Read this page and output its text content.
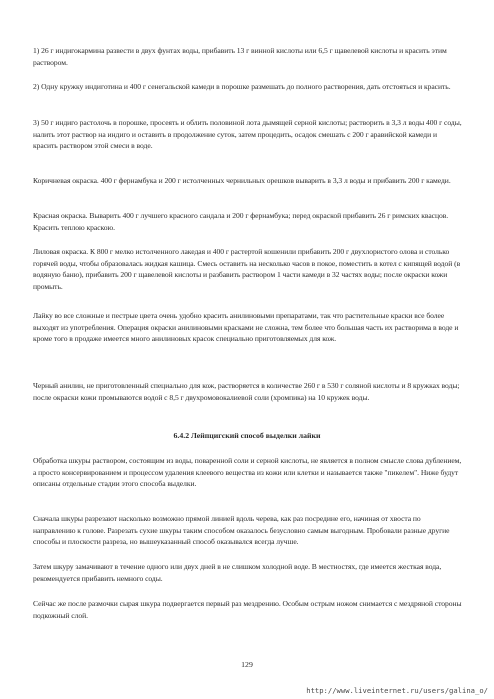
1) 26 г индигокармина развести в двух фунтах воды, прибавить 13 г винной кислоты или 6,5 г щавелевой кислоты и красить этим раствором.

2) Одну кружку индиготина и 400 г сенегальской камеди в порошке размешать до полного растворения, дать отстояться и красить.

3) 50 г индиго растолочь в порошке, просеять и облить половиной лота дымящей серной кислоты; растворить в 3,3 л воды 400 г соды, налить этот раствор на индиго и оставить в продолжение суток, затем процедить, осадок смешать с 200 г аравийской камеди и красить раствором этой смеси в воде.

Коричневая окраска. 400 г фернамбука и 200 г истолченных чернильных орешков выварить в 3,3 л воды и прибавить 200 г камеди.

Красная окраска. Выварить 400 г лучшего красного сандала и 200 г фернамбука; перед окраской прибавить 26 г римских квасцов. Красить теплою краскою.

Лиловая окраска. К 800 г мелко истолченного лакедая и 400 г растертой кошенили прибавить 200 г двухлористого олова и столько горячей воды, чтобы образовалась жидкая кашица. Смесь оставить на несколько часов в покое, поместить в котел с кипящей водой (в водяную баню), прибавить 200 г щавелевой кислоты и разбавить раствором 1 части камеди в 32 частях воды; после окраски кожи промыть.

Лайку во все сложные и пестрые цвета очень удобно красить анилиновыми препаратами, так что растительные краски все более выходят из употребления. Операция окраски анилиновыми красками не сложна, тем более что большая часть их растворима в воде и кроме того в продаже имеется много анилиновых красок специально приготовляемых для кож.

Черный анилин, не приготовленный специально для кож, растворяется в количестве 260 г в 530 г соляной кислоты и 8 кружках воды; после окраски кожи промываются водой с 8,5 г двухромовокалиевой соли (хромпика) на 10 кружек воды.

6.4.2 Лейпцигский способ выделки лайки

Обработка шкуры раствором, состоящим из воды, поваренной соли и серной кислоты, не является в полном смысле слова дублением, а просто консервированием и процессом удаления клеевого вещества из кожи или клетки и называется также "пикелем". Ниже будут описаны отдельные стадии этого способа выделки.

Сначала шкуры разрезают насколько возможно прямой линией вдоль черева, как раз посредине его, начиная от хвоста по направлению к голове. Разрезать сухие шкуры таким способом оказалось безусловно самым выгодным. Пробовали разные другие способы и плоскости разреза, но вышеуказанный способ оказывался всегда лучше.

Затем шкуру замачивают в течение одного или двух дней в не слишком холодной воде. В местностях, где имеется жесткая вода, рекомендуется прибавить немного соды.

Сейчас же после размочки сырая шкура подвергается первый раз мездрению. Особым острым ножом снимается с мездряной стороны подкожный слой.

129
http://www.liveinternet.ru/users/galina_o/
